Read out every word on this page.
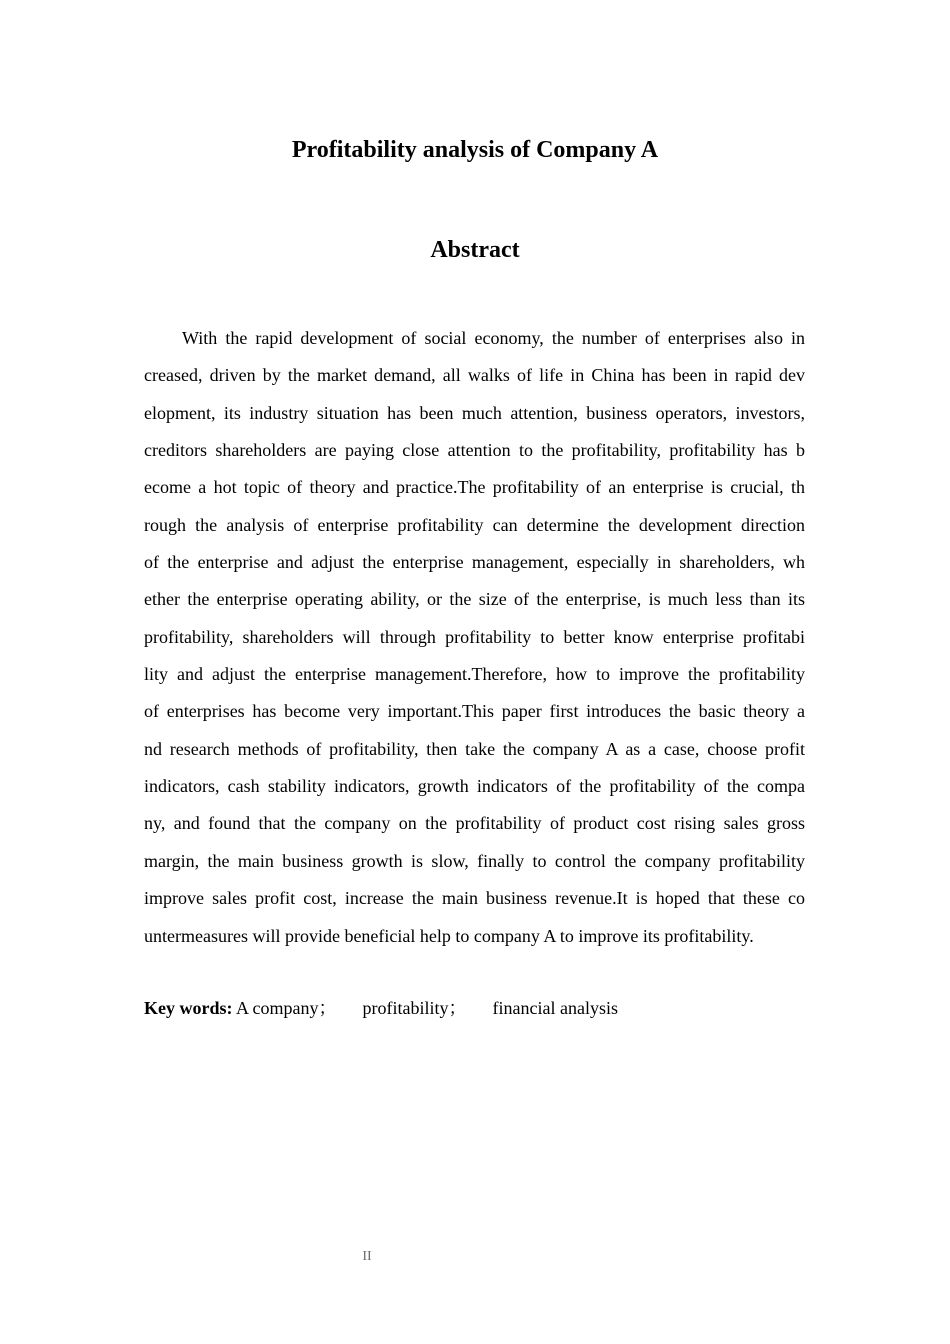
Profitability analysis of Company A
Abstract
With the rapid development of social economy, the number of enterprises also in
creased, driven by the market demand, all walks of life in China has been in rapid dev
elopment, its industry situation has been much attention, business operators, investors,
creditors shareholders are paying close attention to the profitability, profitability has b
ecome a hot topic of theory and practice.The profitability of an enterprise is crucial, th
rough the analysis of enterprise profitability can determine the development direction
of the enterprise and adjust the enterprise management, especially in shareholders, wh
ether the enterprise operating ability, or the size of the enterprise, is much less than its
profitability, shareholders will through profitability to better know enterprise profitabi
lity and adjust the enterprise management.Therefore, how to improve the profitability
of enterprises has become very important.This paper first introduces the basic theory a
nd research methods of profitability, then take the company A as a case, choose profit
indicators, cash stability indicators, growth indicators of the profitability of the compa
ny, and found that the company on the profitability of product cost rising sales gross
margin, the main business growth is slow, finally to control the company profitability
improve sales profit cost, increase the main business revenue.It is hoped that these co
untermeasures will provide beneficial help to company A to improve its profitability.
Key words: A company； profitability； financial analysis
II
